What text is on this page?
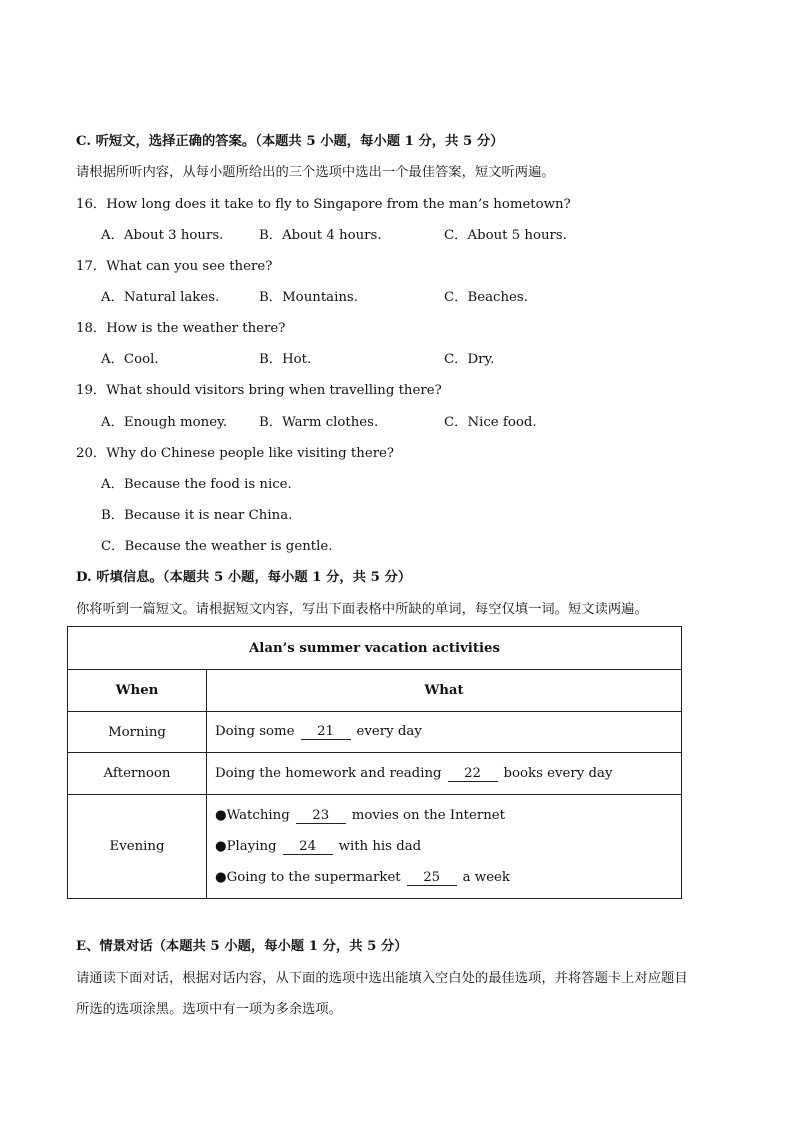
C. 听短文，选择正确的答案。（本题共 5 小题，每小题 1 分，共 5 分）
请根据所听内容，从每小题所给出的三个选项中选出一个最佳答案，短文听两遍。
16．How long does it take to fly to Singapore from the man’s hometown?
A．About 3 hours.	B．About 4 hours.	C．About 5 hours.
17．What can you see there?
A．Natural lakes.	B．Mountains.	C．Beaches.
18．How is the weather there?
A．Cool.	B．Hot.	C．Dry.
19．What should visitors bring when travelling there?
A．Enough money. B．Warm clothes.	C．Nice food.
20．Why do Chinese people like visiting there?
A．Because the food is nice.
B．Because it is near China.
C．Because the weather is gentle.
D. 听填信息。（本题共 5 小题，每小题 1 分，共 5 分）
你将听到一篇短文。请根据短文内容，写出下面表格中所缺的单词，每空仅填一词。短文读两遍。
Alan’s summer vacation activities	
When	What
Morning	Doing some 21 every day
Afternoon	Doing the homework and reading 22 books every day
Evening	●Watching 23 movies on the Internet
●Playing 24 with his dad
●Going to the supermarket 25 a week
E、情景对话（本题共 5 小题，每小题 1 分，共 5 分）
请通读下面对话，根据对话内容，从下面的选项中选出能填入空白处的最佳选项，并将答题卡上对应题目
所选的选项涂黑。选项中有一项为多余选项。
